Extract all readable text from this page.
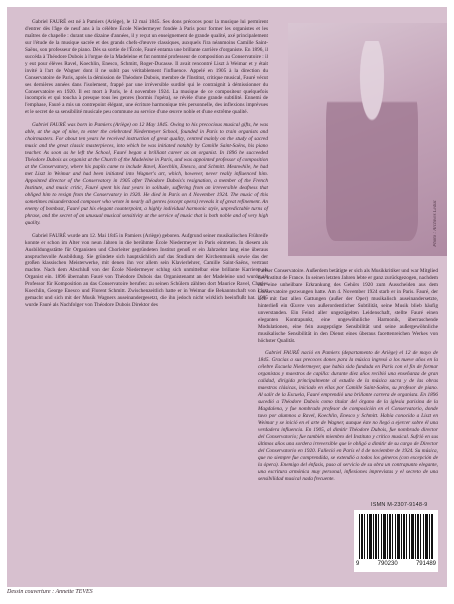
Photo : Archives Leduc

Gabriel FAURÉ est né à Pamiers (Ariège), le 12 mai 1845. Ses dons précoces pour la musique lui permirent d'entrer dès l'âge de neuf ans à la célèbre École Niedermeyer fondée à Paris pour former les organistes et les maîtres de chapelle : durant une dizaine d'années, il y reçut un enseignement de grande qualité, axé principalement sur l'étude de la musique sacrée et des grands chefs-d'œuvre classiques, auxquels l'ira néanmoins Camille Saint-Saëns, son professeur de piano. Dès sa sortie de l'École, Fauré entama une brillante carrière d'organiste. En 1896, il succéda à Théodore Dubois à l'orgue de la Madeleine et fut nommé professeur de composition au Conservatoire : il y eut pour élèves Ravel, Koechlin, Enesco, Schmitt, Roger-Ducasse. Il avait rencontré Liszt à Weimar et y était invité à l'art de Wagner dont il ne subit pas véritablement l'influence. Appelé en 1905 à la direction du Conservatoire de Paris, après la démission de Théodore Dubois, membre de l'Institut, critique musical, Fauré vécut ses dernières années dans l'isolement, frappé par une irréversible surdité qui le contraignit à démissionner du Conservatoire en 1920. Il est mort à Paris, le 4 novembre 1924. La musique de ce compositeur quelquefois incompris et qui toucha à presque tous les genres (hormis l'opéra), se révèle d'une grande subtilité. Ennemi de l'emphase, Fauré a mis un contrepoint élégant, une écriture harmonique très personnelle, des inflexions imprévues et le secret de sa sensibilité musicale peu commune au service d'une œuvre noble et d'une extrême qualité.

Gabriel FAURÉ was born in Pamiers (Ariège) on 12 May 1845. Owing to his precocious musical gifts, he was able, at the age of nine, to enter the celebrated Niedermeyer School, founded in Paris to train organists and choirmasters. For about ten years he received instruction of great quality, centred mainly on the study of sacred music and the great classic masterpieces, into which he was initiated notably by Camille Saint-Saëns, his piano teacher. As soon as he left the School, Fauré began a brilliant career as an organist. In 1896 he succeeded Théodore Dubois as organist at the Church of the Madeleine in Paris, and was appointed professor of composition at the Conservatory, where his pupils came to include Ravel, Koechlin, Enesco, and Schmitt. Meanwhile, he had met Liszt in Weimar and had been initiated into Wagner's art, which, however, never really influenced him. Appointed director of the Conservatory in 1905 after Théodore Dubois's resignation, a member of the French Institute, and music critic, Fauré spent his last years in solitude, suffering from an irreversible deafness that obliged him to resign from the Conservatory in 1920. He died in Paris on 4 November 1924. The music of this sometimes misunderstood composer who wrote in nearly all genres (except opera) reveals it of great refinement. An enemy of bombast, Fauré put his elegant counterpoint, a highly individual harmonic style, unpredictable turns of phrase, and the secret of an unusual musical sensitivity at the service of music that is both noble and of very high quality.

Gabriel FAURÉ wurde am 12. Mai 1845 in Pamiers (Ariège) geboren. Aufgrund seiner musikalischen Frühreife konnte er schon im Alter von neun Jahren in die berühmte École Niedermeyer in Paris eintreten. In diesem als Ausbildungsstätte für Organisten und Chorleiter gegründeten Institut genoß er ein Jahrzehnt lang eine überaus anspruchsvolle Ausbildung. Sie gründete sich hauptsächlich auf das Studium der Kirchenmusik sowie das der großen klassischen Meisterwerke, mit denen ihn vor allem sein Klavierlehrer, Camille Saint-Saëns, vertraut machte. Nach dem Abschluß von der École Niedermeyer schlug sich unmittelbar eine brillante Karriere als Organist ein. 1896 übernahm Fauré von Théodore Dubois das Organistenamt an der Madeleine und wurde als Professor für Komposition an das Conservatoire berufen: zu seinen Schülern zählten dort Maurice Ravel, Charles Koechlin, George Enesco und Florent Schmitt. Zwischenzeitlich hatte er in Weimar die Bekanntschaft von Liszt gemacht und sich mit der Musik Wagners auseinandergesetzt, die ihn jedoch nicht wirklich beeinflußt hat. 1905 wurde Fauré als Nachfolger von Théodore Dubois Direktor des

Pariser Conservatoire. Außerdem betätigte er sich als Musikkritiker und war Mitglied des Institut de France. In seinen letzten Jahren lebte er ganz zurückgezogen, nachdem ihn eine unheilbare Erkrankung des Gehörs 1920 zum Ausscheiden aus dem Conservatoire gezwungen hatte. Am 4. November 1924 starb er in Paris. Fauré, der sich mit fast allen Gattungen (außer der Oper) musikalisch auseinandersetzte, hinterließ ein Œuvre von außerordentlicher Subtilität, seine Musik blieb häufig unverstanden. Ein Feind aller ungezügelten Leidenschaft, stellte Fauré einen eleganten Kontrapunkt, eine ungewöhnliche Harmonik, überraschende Modulationen, eine fein ausgeprägte Sensibilität und seine außergewöhnliche musikalische Sensibilität in den Dienst eines überaus facettenreichen Werkes von höchster Qualität.

Gabriel FAURÉ nació en Pamiers (departamento de Ariège) el 12 de mayo de 1845. Gracias a sus precoces dones para la música ingresó a los nueve años en la célebre Escuela Niedermeyer, que había sido fundada en París con el fin de formar organistas y maestros de capilla: durante diez años recibió una enseñanza de gran calidad, dirigida principalmente al estudio de la música sacra y de las obras maestras clásicas, iniciado en ellas por Camille Saint-Saëns, su profesor de piano. Al salir de la Escuela, Fauré emprendió una brillante carrera de organista. En 1896 sucedió a Théodore Dubois como titular del órgano de la iglesia parisina de la Magdalena, y fue nombrado profesor de composición en el Conservatorio, donde tuvo por alumnos a Ravel, Koechlin, Enesco y Schmitt. Había conocido a Liszt en Weimar y se inició en el arte de Wagner, aunque éste no llegó a ejercer sobre él una verdadera influencia. En 1905, al dimitir Théodore Dubois, fue nombrado director del Conservatorio; fue también miembro del Instituto y crítico musical. Sufrió en sus últimos años una sordera irreversible que le obligó a dimitir de su cargo de Director del Conservatorio en 1920. Falleció en París el 4 de noviembre de 1924. Su música, que no siempre fue comprendida, se extendió a todos los géneros (con excepción de la ópera). Enemigo del énfasis, puso al servicio de su obra un contrapunto elegante, una escritura armónica muy personal, inflexiones imprevistas y el secreto de una sensibilidad musical nada frecuente.

ISMN M-2307-9148-9
9	790230	791489
Dessin couverture : Annette TEVES
